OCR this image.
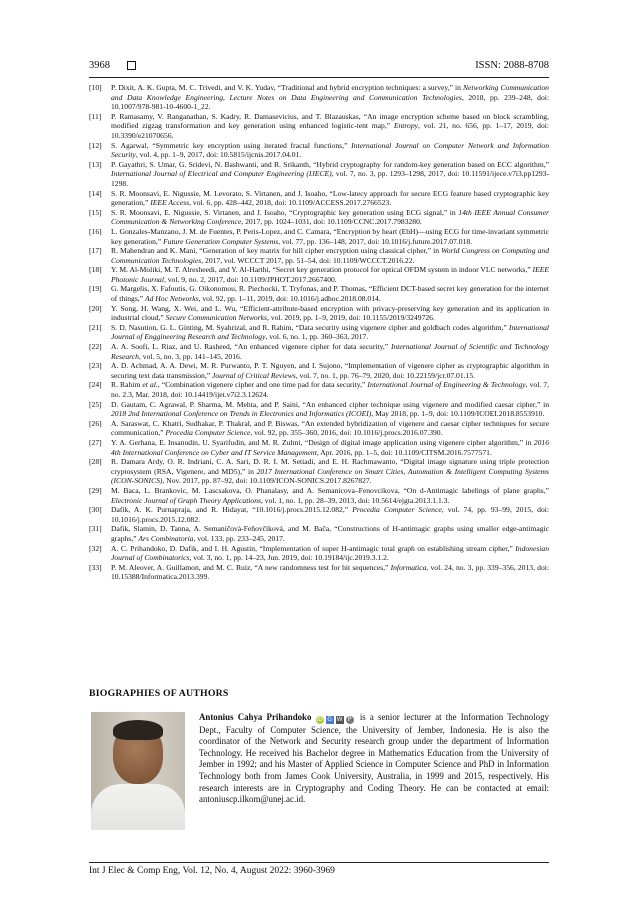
3968	ISSN: 2088-8708

[10] P. Dixit, A. K. Gupta, M. C. Trivedi, and V. K. Yudav, “Traditional and hybrid encryption techniques: a survey,” in Networking Communication and Data Knowledge Engineering, Lecture Notes on Data Engineering and Communication Technologies, 2018, pp. 239–248, doi: 10.1007/978-981-10-4600-1_22.

[11] P. Ramasamy, V. Ranganathan, S. Kadry, R. Damasevicius, and T. Blazauskas, “An image encryption scheme based on block scrambling, modified zigzag transformation and key generation using enhanced logistic-tent map,” Entropy, vol. 21, no. 656, pp. 1–17, 2019, doi: 10.3390/e21070656.

[12] S. Agarwal, “Symmetric key encryption using iterated fractal functions,” International Journal on Computer Network and Information Security, vol. 4, pp. 1–9, 2017, doi: 10.5815/ijcnis.2017.04.01.

[13] P. Gayathri, S. Umar, G. Sridevi, N. Bashwanti, and R. Srikanth, “Hybrid cryptography for random-key generation based on ECC algorithm,” International Journal of Electrical and Computer Engineering (IJECE), vol. 7, no. 3, pp. 1293–1298, 2017, doi: 10.11591/ijece.v7i3.pp1293-1298.

[14] S. R. Moonsavi, E. Nigussie, M. Levorato, S. Virtanen, and J. Isoaho, “Low-latecy approach for secure ECG feature based cryptographic key generation,” IEEE Access, vol. 6, pp. 428–442, 2018, doi: 10.1109/ACCESS.2017.2766523.

[15] S. R. Moonsavi, E. Nigussie, S. Virtanen, and J. Isoaho, “Cryptographic key generation using ECG signal,” in 14th IEEE Annual Consumer Communication & Networking Conference, 2017, pp. 1024–1031, doi: 10.1109/CCNC.2017.7983280.

[16] L. Gonzales-Manzano, J. M. de Fuentes, P. Peris-Lopez, and C. Camara, “Encryption by heart (EbH)—using ECG for time-invariant symmetric key generation,” Future Generation Computer Systems, vol. 77, pp. 136–148, 2017, doi: 10.1016/j.future.2017.07.018.

[17] R. Mahendran and K. Mani, “Generation of key matrix for hill cipher encryption using classical cipher,” in World Congress on Computing and Communication Technologies, 2017, vol. WCCCT 2017, pp. 51–54, doi: 10.1109/WCCCT.2016.22.

[18] Y. M. Al-Moliki, M. T. Alresheedi, and Y. Al-Harthi, “Secret key generation protocol for optical OFDM system in indoor VLC networks,” IEEE Photonic Journal, vol. 9, no. 2, 2017, doi: 10.1109/JPHOT.2017.2667400.

[19] G. Margelis, X. Fafoutis, G. Oikonomou, R. Piechocki, T. Tryfonas, and P. Thomas, “Efficient DCT-based secret key generation for the internet of things,” Ad Hoc Networks, vol. 92, pp. 1–11, 2019, doi: 10.1016/j.adhoc.2018.08.014.

[20] Y. Song, H. Wang, X. Wei, and L. Wu, “Efficient-attribute-based encryption with privacy-preserving key generation and its application in industrial cloud,” Secure Communication Networks, vol. 2019, pp. 1–9, 2019, doi: 10.1155/2019/3249726.

[21] S. D. Nasution, G. L. Ginting, M. Syahrizal, and R. Rahim, “Data security using vigenere cipher and goldbach codes algorithm,” International Journal of Enggineering Research and Technology, vol. 6, no. 1, pp. 360–363, 2017.

[22] A. A. Soofi, L. Riaz, and U. Rasheed, “An enhanced vigenere cipher for data security,” International Journal of Scientific and Technology Research, vol. 5, no. 3, pp. 141–145, 2016.

[23] A. D. Achmad, A. A. Dewi, M. R. Purwanto, P. T. Nguyen, and I. Sujono, “Implementation of vigenere cipher as cryptographic algorithm in securing text data transmission,” Journal of Critical Reviews, vol. 7, no. 1, pp. 76–79, 2020, doi: 10.22159/jcr.07.01.15.

[24] R. Rahim et al., “Combination vigenere cipher and one time pad for data security,” International Journal of Engineering & Technology, vol. 7, no. 2.3, Mar. 2018, doi: 10.14419/ijet.v7i2.3.12624.

[25] D. Gautam, C. Agrawal, P. Sharma, M. Mehta, and P. Saini, “An enhanced cipher technique using vigenere and modified caesar cipher,” in 2018 2nd International Conference on Trends in Electronics and Informatics (ICOEI), May 2018, pp. 1–9, doi: 10.1109/ICOEI.2018.8553910.

[26] A. Saraswat, C. Khatri, Sudhakar, P. Thakral, and P. Biswas, “An extended hybridization of vigenere and caesar cipher techniques for secure communication,” Procedia Computer Science, vol. 92, pp. 355–360, 2016, doi: 10.1016/j.procs.2016.07.390.

[27] Y. A. Gerhana, E. Insanudin, U. Syarifudin, and M. R. Zulmi, “Design of digital image application using vigenere cipher algorithm,” in 2016 4th International Conference on Cyber and IT Service Management, Apr. 2016, pp. 1–5, doi: 10.1109/CITSM.2016.7577571.

[28] R. Damara Ardy, O. R. Indriani, C. A. Sari, D. R. I. M. Setiadi, and E. H. Rachmawanto, “Digital image signature using triple protection cryptosystem (RSA, Vigenere, and MD5),” in 2017 International Conference on Smart Cities, Automation & Intelligent Computing Systems (ICON-SONICS), Nov. 2017, pp. 87–92, doi: 10.1109/ICON-SONICS.2017.8267827.

[29] M. Baca, L. Brankovic, M. Lascsakova, O. Phanalasy, and A. Semanicova–Fenovcikova, “On d-Antimagic labelings of plane graphs,” Electronic Journal of Graph Theory Applications, vol. 1, no. 1, pp. 28–39, 2013, doi: 10.5614/ejgta.2013.1.1.3.

[30] Dafik, A. K. Purnapraja, and R. Hidayat, “10.1016/j.procs.2015.12.082,” Procedia Computer Science, vol. 74, pp. 93–99, 2015, doi: 10.1016/j.procs.2015.12.082.

[31] Dafik, Slamin, D. Tanna, A. Semaničová-Feňovčíková, and M. Bača, “Constructions of H-antimagic graphs using smaller edge-antimagic graphs,” Ars Combinatoria, vol. 133, pp. 233–245, 2017.

[32] A. C. Prihandoko, D. Dafik, and I. H. Agustin, “Implementation of super H-antimagic total graph on establishing stream cipher,” Indonesian Journal of Combinatorics, vol. 3, no. 1, pp. 14–23, Jun. 2019, doi: 10.19184/ijc.2019.3.1.2.

[33] P. M. Aleover, A. Guillamon, and M. C. Ruiz, “A new randomness test for bit sequences,” Informatica, vol. 24, no. 3, pp. 339–356, 2013, doi: 10.15388/Informatica.2013.399.

BIOGRAPHIES OF AUTHORS
Antonius Cahya Prihandoko iD G W P is a senior lecturer at the Information Technology Dept., Faculty of Computer Science, the University of Jember, Indonesia. He is also the coordinator of the Network and Security research group under the department of Information Technology. He received his Bachelor degree in Mathematics Education from the University of Jember in 1992; and his Master of Applied Science in Computer Science and PhD in Information Technology both from James Cook University, Australia, in 1999 and 2015, respectively. His research interests are in Cryptography and Coding Theory. He can be contacted at email: antoniuscp.ilkom@unej.ac.id.
Int J Elec & Comp Eng, Vol. 12, No. 4, August 2022: 3960-3969
